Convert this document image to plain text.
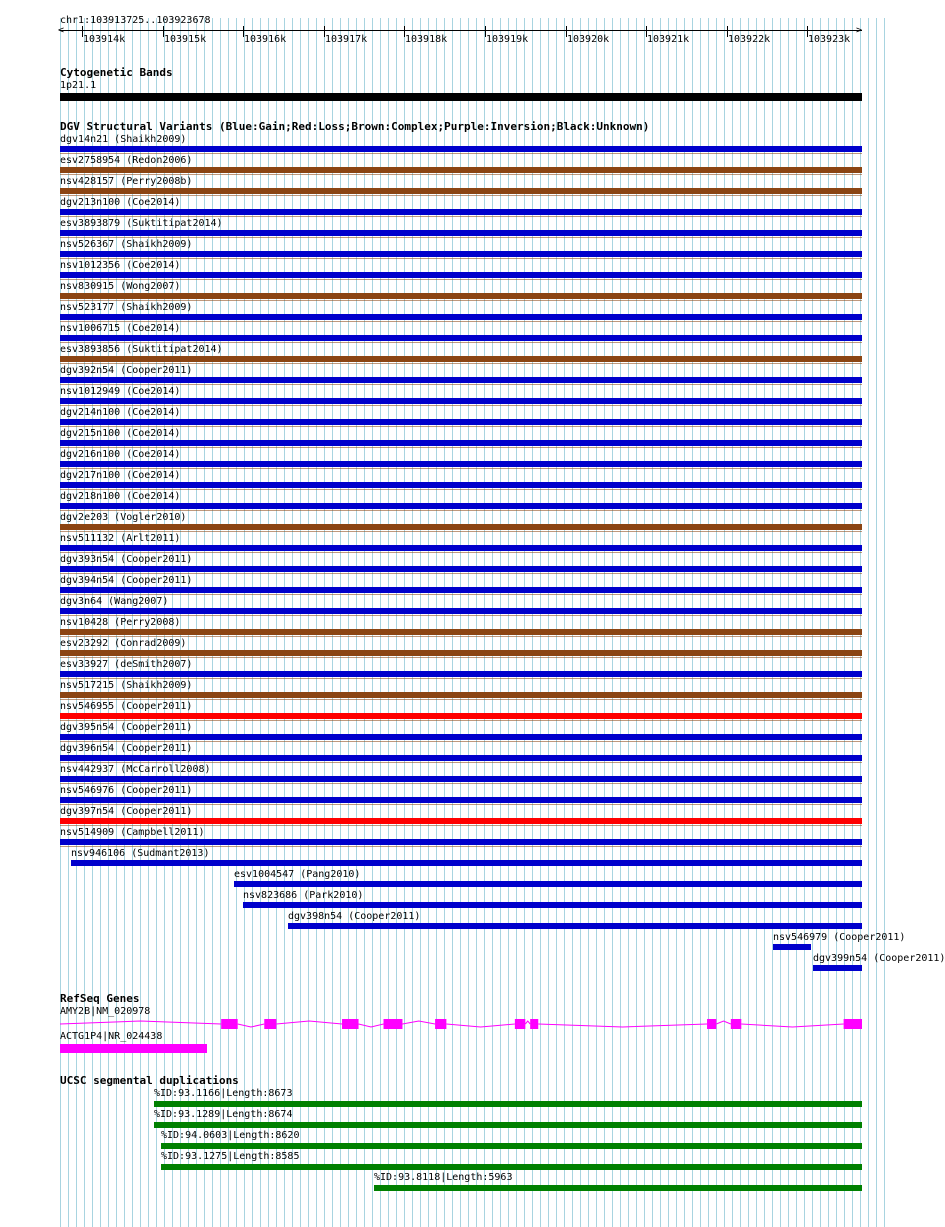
chr1:103913725..103923678
<	>
103914k	103915k	103916k	103917k	103918k	103919k	103920k	103921k	103922k	103923k
Cytogenetic Bands
1p21.1
DGV Structural Variants (Blue:Gain;Red:Loss;Brown:Complex;Purple:Inversion;Black:Unknown)
dgv14n21 (Shaikh2009)
esv2758954 (Redon2006)
nsv428157 (Perry2008b)
dgv213n100 (Coe2014)
esv3893879 (Suktitipat2014)
nsv526367 (Shaikh2009)
nsv1012356 (Coe2014)
nsv830915 (Wong2007)
nsv523177 (Shaikh2009)
nsv1006715 (Coe2014)
esv3893856 (Suktitipat2014)
dgv392n54 (Cooper2011)
nsv1012949 (Coe2014)
dgv214n100 (Coe2014)
dgv215n100 (Coe2014)
dgv216n100 (Coe2014)
dgv217n100 (Coe2014)
dgv218n100 (Coe2014)
dgv2e203 (Vogler2010)
nsv511132 (Arlt2011)
dgv393n54 (Cooper2011)
dgv394n54 (Cooper2011)
dgv3n64 (Wang2007)
nsv10428 (Perry2008)
esv23292 (Conrad2009)
esv33927 (deSmith2007)
nsv517215 (Shaikh2009)
nsv546955 (Cooper2011)
dgv395n54 (Cooper2011)
dgv396n54 (Cooper2011)
nsv442937 (McCarroll2008)
nsv546976 (Cooper2011)
dgv397n54 (Cooper2011)
nsv514909 (Campbell2011)
nsv946106 (Sudmant2013)
esv1004547 (Pang2010)
nsv823686 (Park2010)
dgv398n54 (Cooper2011)
nsv546979 (Cooper2011)
dgv399n54 (Cooper2011)
RefSeq Genes
AMY2B|NM_020978
ACTG1P4|NR_024438
UCSC segmental duplications
%ID:93.1166|Length:8673
%ID:93.1289|Length:8674
%ID:94.0603|Length:8620
%ID:93.1275|Length:8585
%ID:93.8118|Length:5963
